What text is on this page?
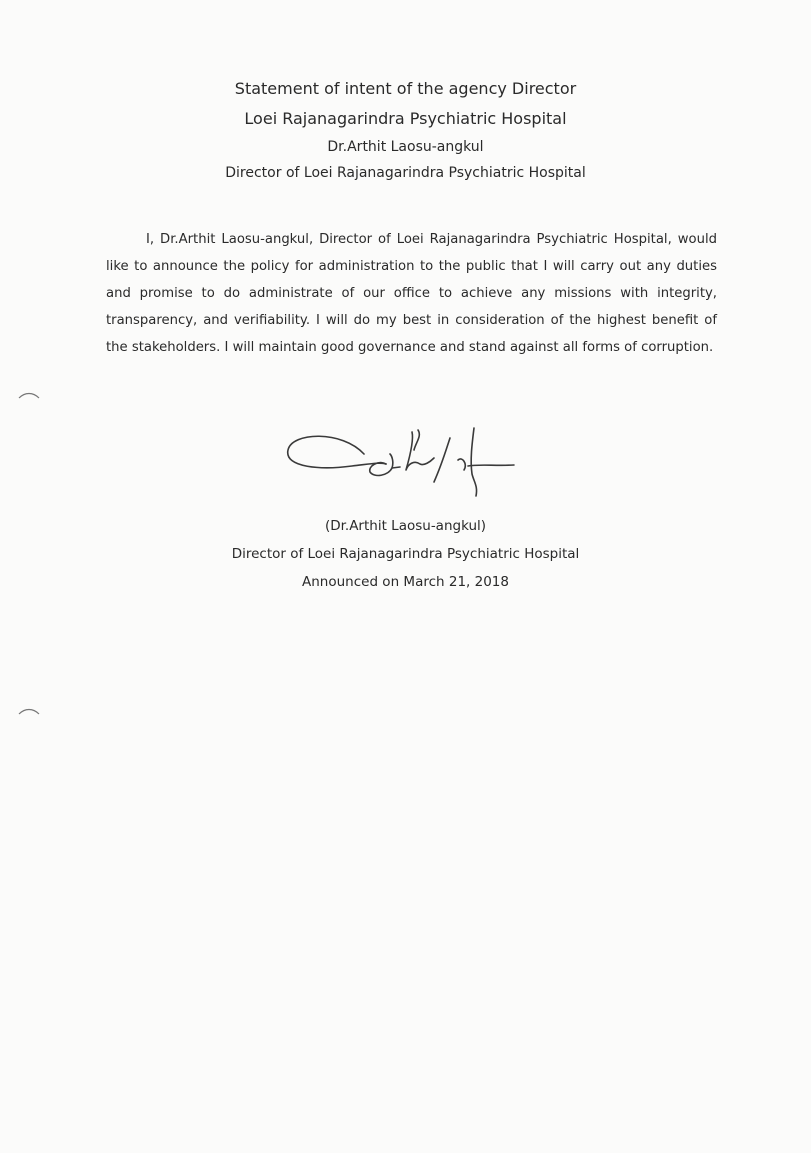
Statement of intent of the agency Director
Loei Rajanagarindra Psychiatric Hospital
Dr.Arthit Laosu-angkul
Director of Loei Rajanagarindra Psychiatric Hospital

I, Dr.Arthit Laosu-angkul, Director of Loei Rajanagarindra Psychiatric Hospital, would like to announce the policy for administration to the public that I will carry out any duties and promise to do administrate of our office to achieve any missions with integrity, transparency, and verifiability. I will do my best in consideration of the highest benefit of the stakeholders. I will maintain good governance and stand against all forms of corruption.

(Dr.Arthit Laosu-angkul)
Director of Loei Rajanagarindra Psychiatric Hospital
Announced on March 21, 2018
